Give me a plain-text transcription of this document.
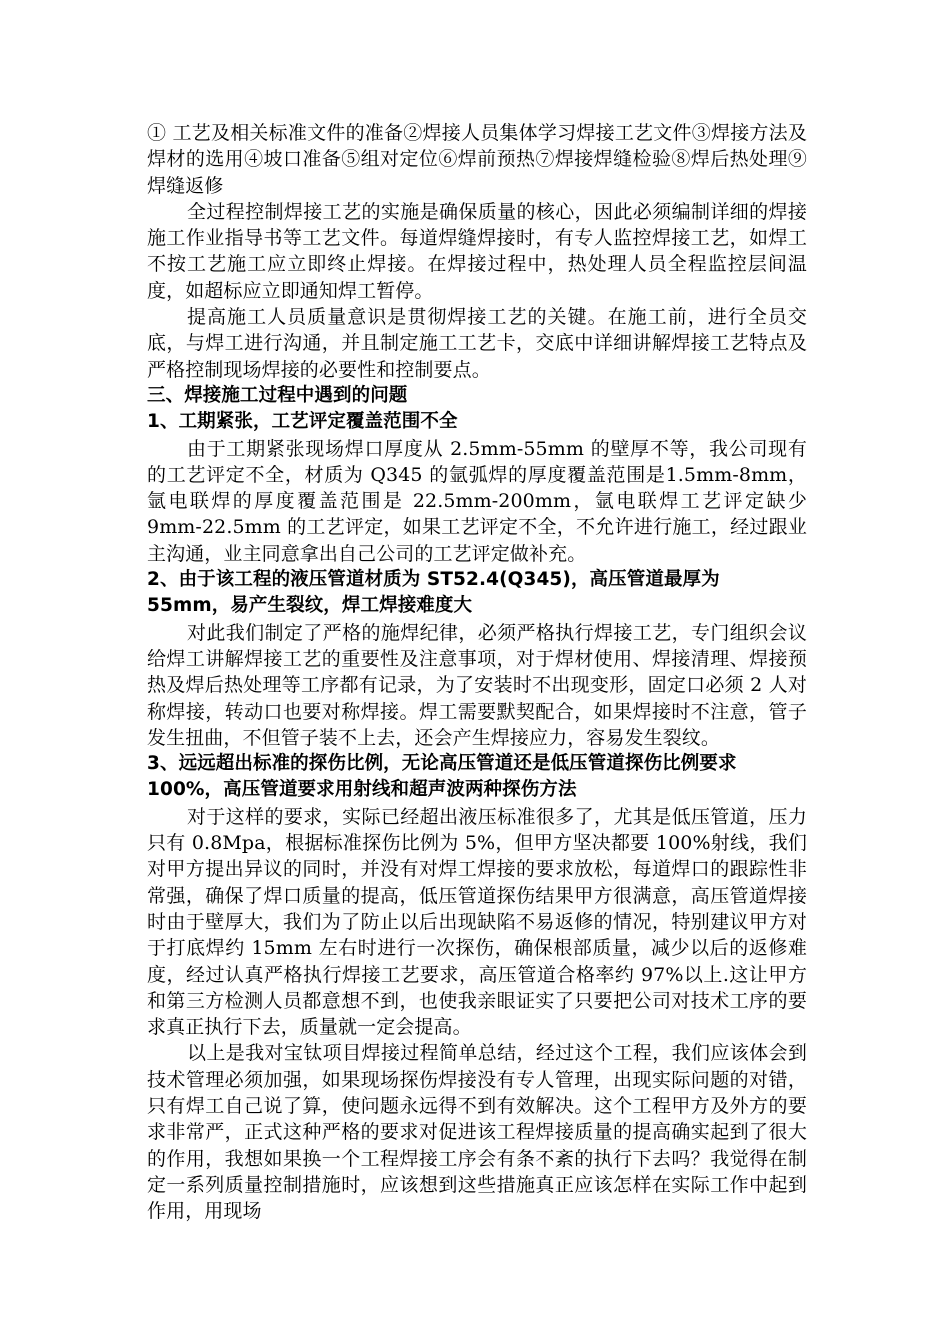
① 工艺及相关标准文件的准备②焊接人员集体学习焊接工艺文件③焊接方法及焊材的选用④坡口准备⑤组对定位⑥焊前预热⑦焊接焊缝检验⑧焊后热处理⑨焊缝返修

全过程控制焊接工艺的实施是确保质量的核心，因此必须编制详细的焊接施工作业指导书等工艺文件。每道焊缝焊接时，有专人监控焊接工艺，如焊工不按工艺施工应立即终止焊接。在焊接过程中，热处理人员全程监控层间温度，如超标应立即通知焊工暂停。

提高施工人员质量意识是贯彻焊接工艺的关键。在施工前，进行全员交底，与焊工进行沟通，并且制定施工工艺卡，交底中详细讲解焊接工艺特点及严格控制现场焊接的必要性和控制要点。

三、焊接施工过程中遇到的问题

1、工期紧张，工艺评定覆盖范围不全

由于工期紧张现场焊口厚度从 2.5mm-55mm 的壁厚不等，我公司现有的工艺评定不全，材质为 Q345 的氩弧焊的厚度覆盖范围是1.5mm-8mm，氩电联焊的厚度覆盖范围是 22.5mm-200mm，氩电联焊工艺评定缺少 9mm-22.5mm 的工艺评定，如果工艺评定不全，不允许进行施工，经过跟业主沟通，业主同意拿出自己公司的工艺评定做补充。

2、由于该工程的液压管道材质为 ST52.4(Q345)，高压管道最厚为 55mm，易产生裂纹，焊工焊接难度大

对此我们制定了严格的施焊纪律，必须严格执行焊接工艺，专门组织会议给焊工讲解焊接工艺的重要性及注意事项，对于焊材使用、焊接清理、焊接预热及焊后热处理等工序都有记录，为了安装时不出现变形，固定口必须 2 人对称焊接，转动口也要对称焊接。焊工需要默契配合，如果焊接时不注意，管子发生扭曲，不但管子装不上去，还会产生焊接应力，容易发生裂纹。

3、远远超出标准的探伤比例，无论高压管道还是低压管道探伤比例要求 100%，高压管道要求用射线和超声波两种探伤方法

对于这样的要求，实际已经超出液压标准很多了，尤其是低压管道，压力只有 0.8Mpa，根据标准探伤比例为 5%，但甲方坚决都要 100%射线，我们对甲方提出异议的同时，并没有对焊工焊接的要求放松，每道焊口的跟踪性非常强，确保了焊口质量的提高，低压管道探伤结果甲方很满意，高压管道焊接时由于壁厚大，我们为了防止以后出现缺陷不易返修的情况，特别建议甲方对于打底焊约 15mm 左右时进行一次探伤，确保根部质量，减少以后的返修难度，经过认真严格执行焊接工艺要求，高压管道合格率约 97%以上.这让甲方和第三方检测人员都意想不到，也使我亲眼证实了只要把公司对技术工序的要求真正执行下去，质量就一定会提高。

以上是我对宝钛项目焊接过程简单总结，经过这个工程，我们应该体会到技术管理必须加强，如果现场探伤焊接没有专人管理，出现实际问题的对错，只有焊工自己说了算，使问题永远得不到有效解决。这个工程甲方及外方的要求非常严，正式这种严格的要求对促进该工程焊接质量的提高确实起到了很大的作用，我想如果换一个工程焊接工序会有条不紊的执行下去吗？我觉得在制定一系列质量控制措施时，应该想到这些措施真正应该怎样在实际工作中起到作用，用现场
